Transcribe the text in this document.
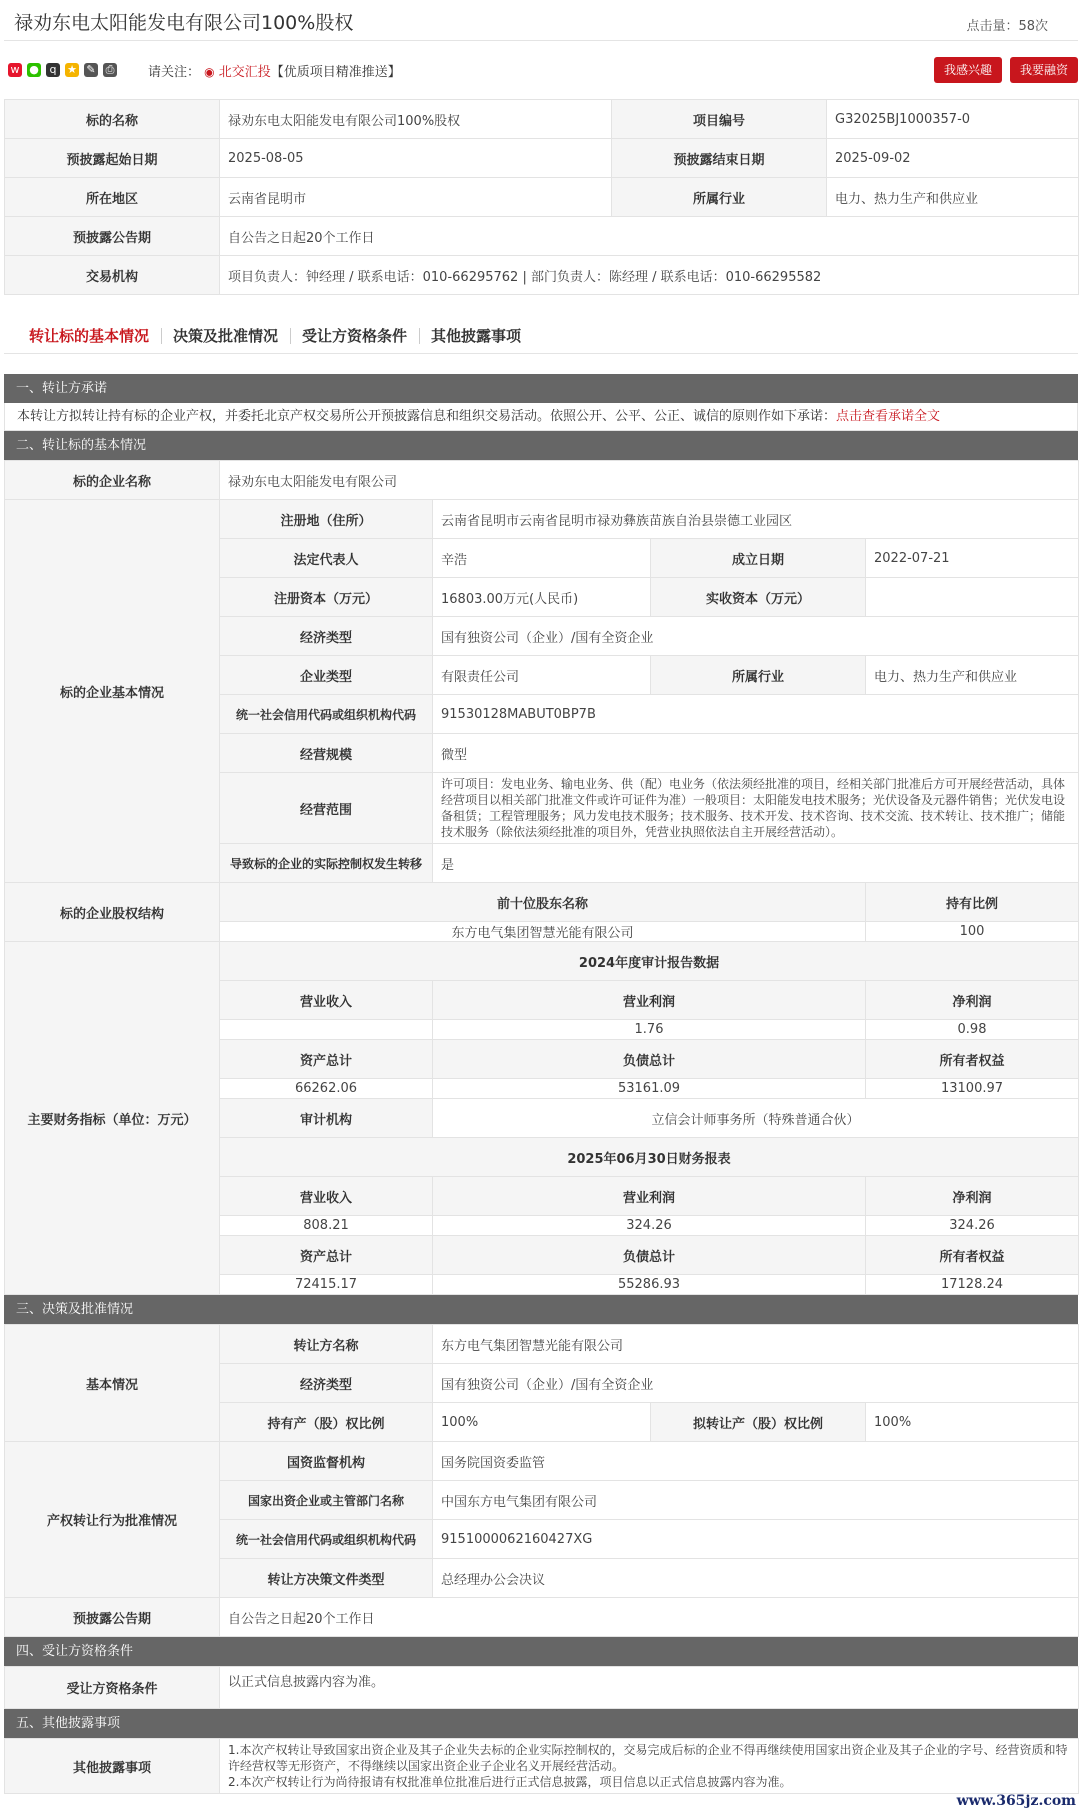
禄劝东电太阳能发电有限公司100%股权	点击量：58次
w ● q ★ ✎ ⎙	请关注： ◉ 北交汇投【优质项目精准推送】	我感兴趣	我要融资
标的名称	禄劝东电太阳能发电有限公司100%股权	项目编号	G32025BJ1000357-0
预披露起始日期	2025-08-05	预披露结束日期	2025-09-02
所在地区	云南省昆明市	所属行业	电力、热力生产和供应业
预披露公告期	自公告之日起20个工作日		
交易机构	项目负责人：钟经理 / 联系电话：010-66295762 | 部门负责人：陈经理 / 联系电话：010-66295582		
转让标的基本情况	决策及批准情况	受让方资格条件	其他披露事项
一、转让方承诺
本转让方拟转让持有标的企业产权，并委托北京产权交易所公开预披露信息和组织交易活动。依照公开、公平、公正、诚信的原则作如下承诺：点击查看承诺全文
二、转让标的基本情况
标的企业名称	禄劝东电太阳能发电有限公司			
标的企业基本情况	注册地（住所）	云南省昆明市云南省昆明市禄劝彝族苗族自治县崇德工业园区		
	法定代表人	辛浩	成立日期	2022-07-21
	注册资本（万元）	16803.00万元(人民币)	实收资本（万元）	
	经济类型	国有独资公司（企业）/国有全资企业		
	企业类型	有限责任公司	所属行业	电力、热力生产和供应业
	统一社会信用代码或组织机构代码	91530128MABUT0BP7B		
	经营规模	微型		
	经营范围	许可项目：发电业务、输电业务、供（配）电业务（依法须经批准的项目，经相关部门批准后方可开展经营活动，具体经营项目以相关部门批准文件或许可证件为准）一般项目：太阳能发电技术服务；光伏设备及元器件销售；光伏发电设备租赁；工程管理服务；风力发电技术服务；技术服务、技术开发、技术咨询、技术交流、技术转让、技术推广；储能技术服务（除依法须经批准的项目外，凭营业执照依法自主开展经营活动）。		
	导致标的企业的实际控制权发生转移	是		
标的企业股权结构	前十位股东名称			持有比例
	东方电气集团智慧光能有限公司			100
主要财务指标（单位：万元）	2024年度审计报告数据			
	营业收入	营业利润		净利润
		1.76		0.98
	资产总计	负债总计		所有者权益
	66262.06	53161.09		13100.97
	审计机构	立信会计师事务所（特殊普通合伙）		
	2025年06月30日财务报表			
	营业收入	营业利润		净利润
	808.21	324.26		324.26
	资产总计	负债总计		所有者权益
	72415.17	55286.93		17128.24
三、决策及批准情况
基本情况	转让方名称	东方电气集团智慧光能有限公司		
	经济类型	国有独资公司（企业）/国有全资企业		
	持有产（股）权比例	100%	拟转让产（股）权比例	100%
产权转让行为批准情况	国资监督机构	国务院国资委监管		
	国家出资企业或主管部门名称	中国东方电气集团有限公司		
	统一社会信用代码或组织机构代码	9151000062160427XG		
	转让方决策文件类型	总经理办公会决议		
预披露公告期	自公告之日起20个工作日			
四、受让方资格条件
受让方资格条件	以正式信息披露内容为准。
五、其他披露事项
其他披露事项	
1.本次产权转让导致国家出资企业及其子企业失去标的企业实际控制权的，交易完成后标的企业不得再继续使用国家出资企业及其子企业的字号、经营资质和特许经营权等无形资产，不得继续以国家出资企业子企业名义开展经营活动。
2.本次产权转让行为尚待报请有权批准单位批准后进行正式信息披露，项目信息以正式信息披露内容为准。
www.365jz.com
